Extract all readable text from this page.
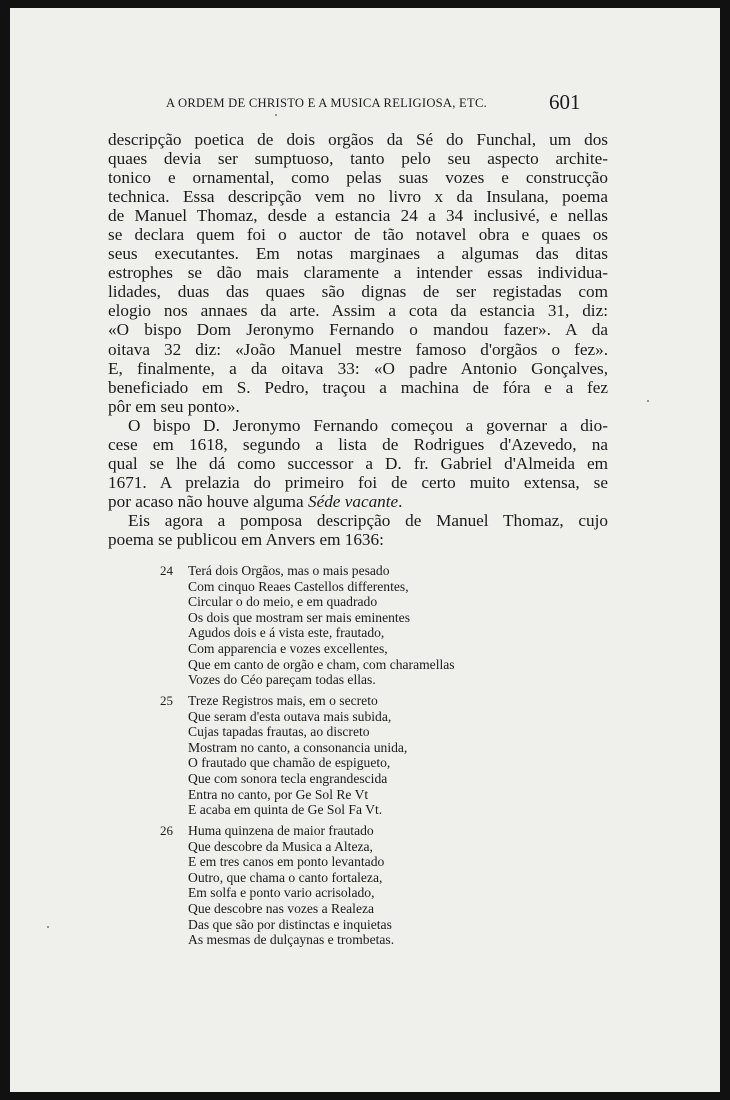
A ORDEM DE CHRISTO E A MUSICA RELIGIOSA, ETC.	601

descripção poetica de dois orgãos da Sé do Funchal, um dos
quaes devia ser sumptuoso, tanto pelo seu aspecto archite-
tonico e ornamental, como pelas suas vozes e construcção
technica. Essa descripção vem no livro x da Insulana, poema
de Manuel Thomaz, desde a estancia 24 a 34 inclusivé, e nellas
se declara quem foi o auctor de tão notavel obra e quaes os
seus executantes. Em notas marginaes a algumas das ditas
estrophes se dão mais claramente a intender essas individua-
lidades, duas das quaes são dignas de ser registadas com
elogio nos annaes da arte. Assim a cota da estancia 31, diz:
«O bispo Dom Jeronymo Fernando o mandou fazer». A da
oitava 32 diz: «João Manuel mestre famoso d'orgãos o fez».
E, finalmente, a da oitava 33: «O padre Antonio Gonçalves,
beneficiado em S. Pedro, traçou a machina de fóra e a fez
pôr em seu ponto».

O bispo D. Jeronymo Fernando começou a governar a dio-
cese em 1618, segundo a lista de Rodrigues d'Azevedo, na
qual se lhe dá como successor a D. fr. Gabriel d'Almeida em
1671. A prelazia do primeiro foi de certo muito extensa, se
por acaso não houve alguma Séde vacante.

Eis agora a pomposa descripção de Manuel Thomaz, cujo
poema se publicou em Anvers em 1636:

24 Terá dois Orgãos, mas o mais pesado
Com cinquo Reaes Castellos differentes,
Circular o do meio, e em quadrado
Os dois que mostram ser mais eminentes
Agudos dois e á vista este, frautado,
Com apparencia e vozes excellentes,
Que em canto de orgão e cham, com charamellas
Vozes do Céo pareçam todas ellas.
25 Treze Registros mais, em o secreto
Que seram d'esta outava mais subida,
Cujas tapadas frautas, ao discreto
Mostram no canto, a consonancia unida,
O frautado que chamão de espigueto,
Que com sonora tecla engrandescida
Entra no canto, por Ge Sol Re Vt
E acaba em quinta de Ge Sol Fa Vt.
26 Huma quinzena de maior frautado
Que descobre da Musica a Alteza,
E em tres canos em ponto levantado
Outro, que chama o canto fortaleza,
Em solfa e ponto vario acrisolado,
Que descobre nas vozes a Realeza
Das que são por distinctas e inquietas
As mesmas de dulçaynas e trombetas.
